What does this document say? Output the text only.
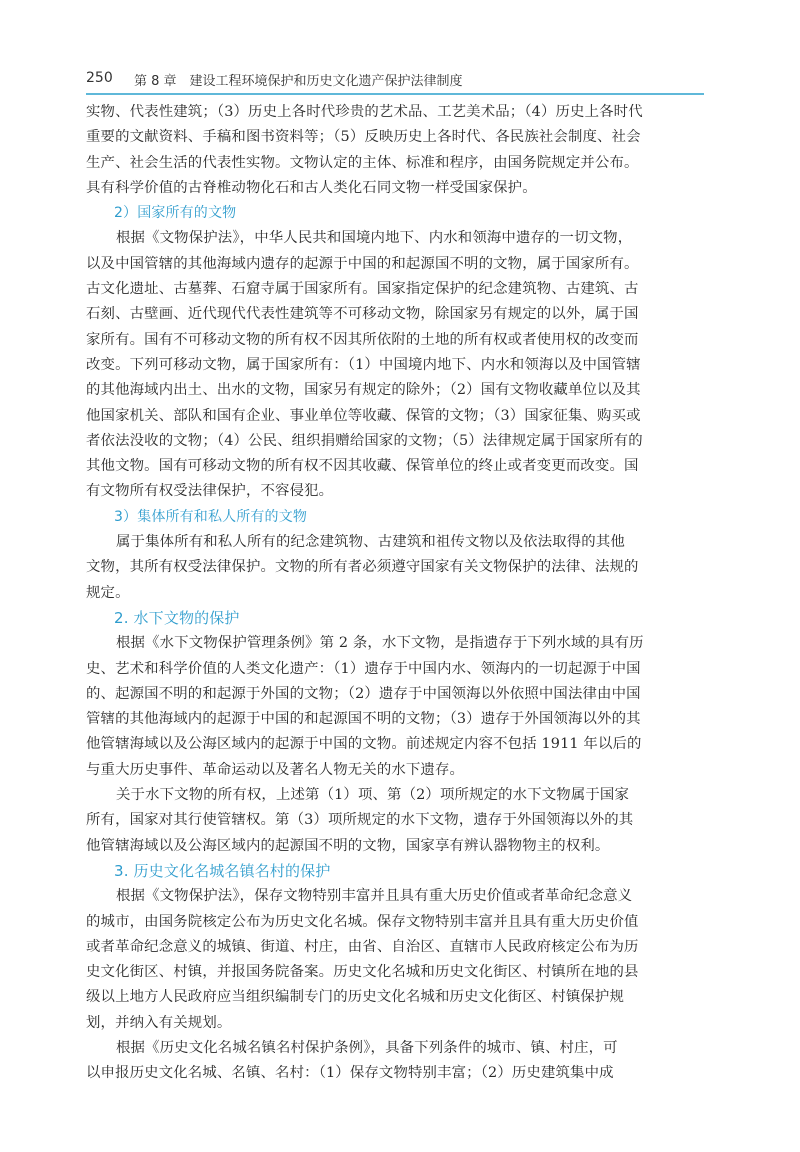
250 第 8 章　建设工程环境保护和历史文化遗产保护法律制度
实物、代表性建筑；（3）历史上各时代珍贵的艺术品、工艺美术品；（4）历史上各时代
重要的文献资料、手稿和图书资料等；（5）反映历史上各时代、各民族社会制度、社会
生产、社会生活的代表性实物。文物认定的主体、标准和程序，由国务院规定并公布。
具有科学价值的古脊椎动物化石和古人类化石同文物一样受国家保护。
2）国家所有的文物
根据《文物保护法》，中华人民共和国境内地下、内水和领海中遗存的一切文物，
以及中国管辖的其他海域内遗存的起源于中国的和起源国不明的文物，属于国家所有。
古文化遗址、古墓葬、石窟寺属于国家所有。国家指定保护的纪念建筑物、古建筑、古
石刻、古壁画、近代现代代表性建筑等不可移动文物，除国家另有规定的以外，属于国
家所有。国有不可移动文物的所有权不因其所依附的土地的所有权或者使用权的改变而
改变。下列可移动文物，属于国家所有：（1）中国境内地下、内水和领海以及中国管辖
的其他海域内出土、出水的文物，国家另有规定的除外；（2）国有文物收藏单位以及其
他国家机关、部队和国有企业、事业单位等收藏、保管的文物；（3）国家征集、购买或
者依法没收的文物；（4）公民、组织捐赠给国家的文物；（5）法律规定属于国家所有的
其他文物。国有可移动文物的所有权不因其收藏、保管单位的终止或者变更而改变。国
有文物所有权受法律保护，不容侵犯。
3）集体所有和私人所有的文物
属于集体所有和私人所有的纪念建筑物、古建筑和祖传文物以及依法取得的其他
文物，其所有权受法律保护。文物的所有者必须遵守国家有关文物保护的法律、法规的
规定。
2. 水下文物的保护
根据《水下文物保护管理条例》第 2 条，水下文物，是指遗存于下列水域的具有历
史、艺术和科学价值的人类文化遗产：（1）遗存于中国内水、领海内的一切起源于中国
的、起源国不明的和起源于外国的文物；（2）遗存于中国领海以外依照中国法律由中国
管辖的其他海域内的起源于中国的和起源国不明的文物；（3）遗存于外国领海以外的其
他管辖海域以及公海区域内的起源于中国的文物。前述规定内容不包括 1911 年以后的
与重大历史事件、革命运动以及著名人物无关的水下遗存。
关于水下文物的所有权，上述第（1）项、第（2）项所规定的水下文物属于国家
所有，国家对其行使管辖权。第（3）项所规定的水下文物，遗存于外国领海以外的其
他管辖海域以及公海区域内的起源国不明的文物，国家享有辨认器物物主的权利。
3. 历史文化名城名镇名村的保护
根据《文物保护法》，保存文物特别丰富并且具有重大历史价值或者革命纪念意义
的城市，由国务院核定公布为历史文化名城。保存文物特别丰富并且具有重大历史价值
或者革命纪念意义的城镇、街道、村庄，由省、自治区、直辖市人民政府核定公布为历
史文化街区、村镇，并报国务院备案。历史文化名城和历史文化街区、村镇所在地的县
级以上地方人民政府应当组织编制专门的历史文化名城和历史文化街区、村镇保护规
划，并纳入有关规划。
根据《历史文化名城名镇名村保护条例》，具备下列条件的城市、镇、村庄，可
以申报历史文化名城、名镇、名村：（1）保存文物特别丰富；（2）历史建筑集中成
